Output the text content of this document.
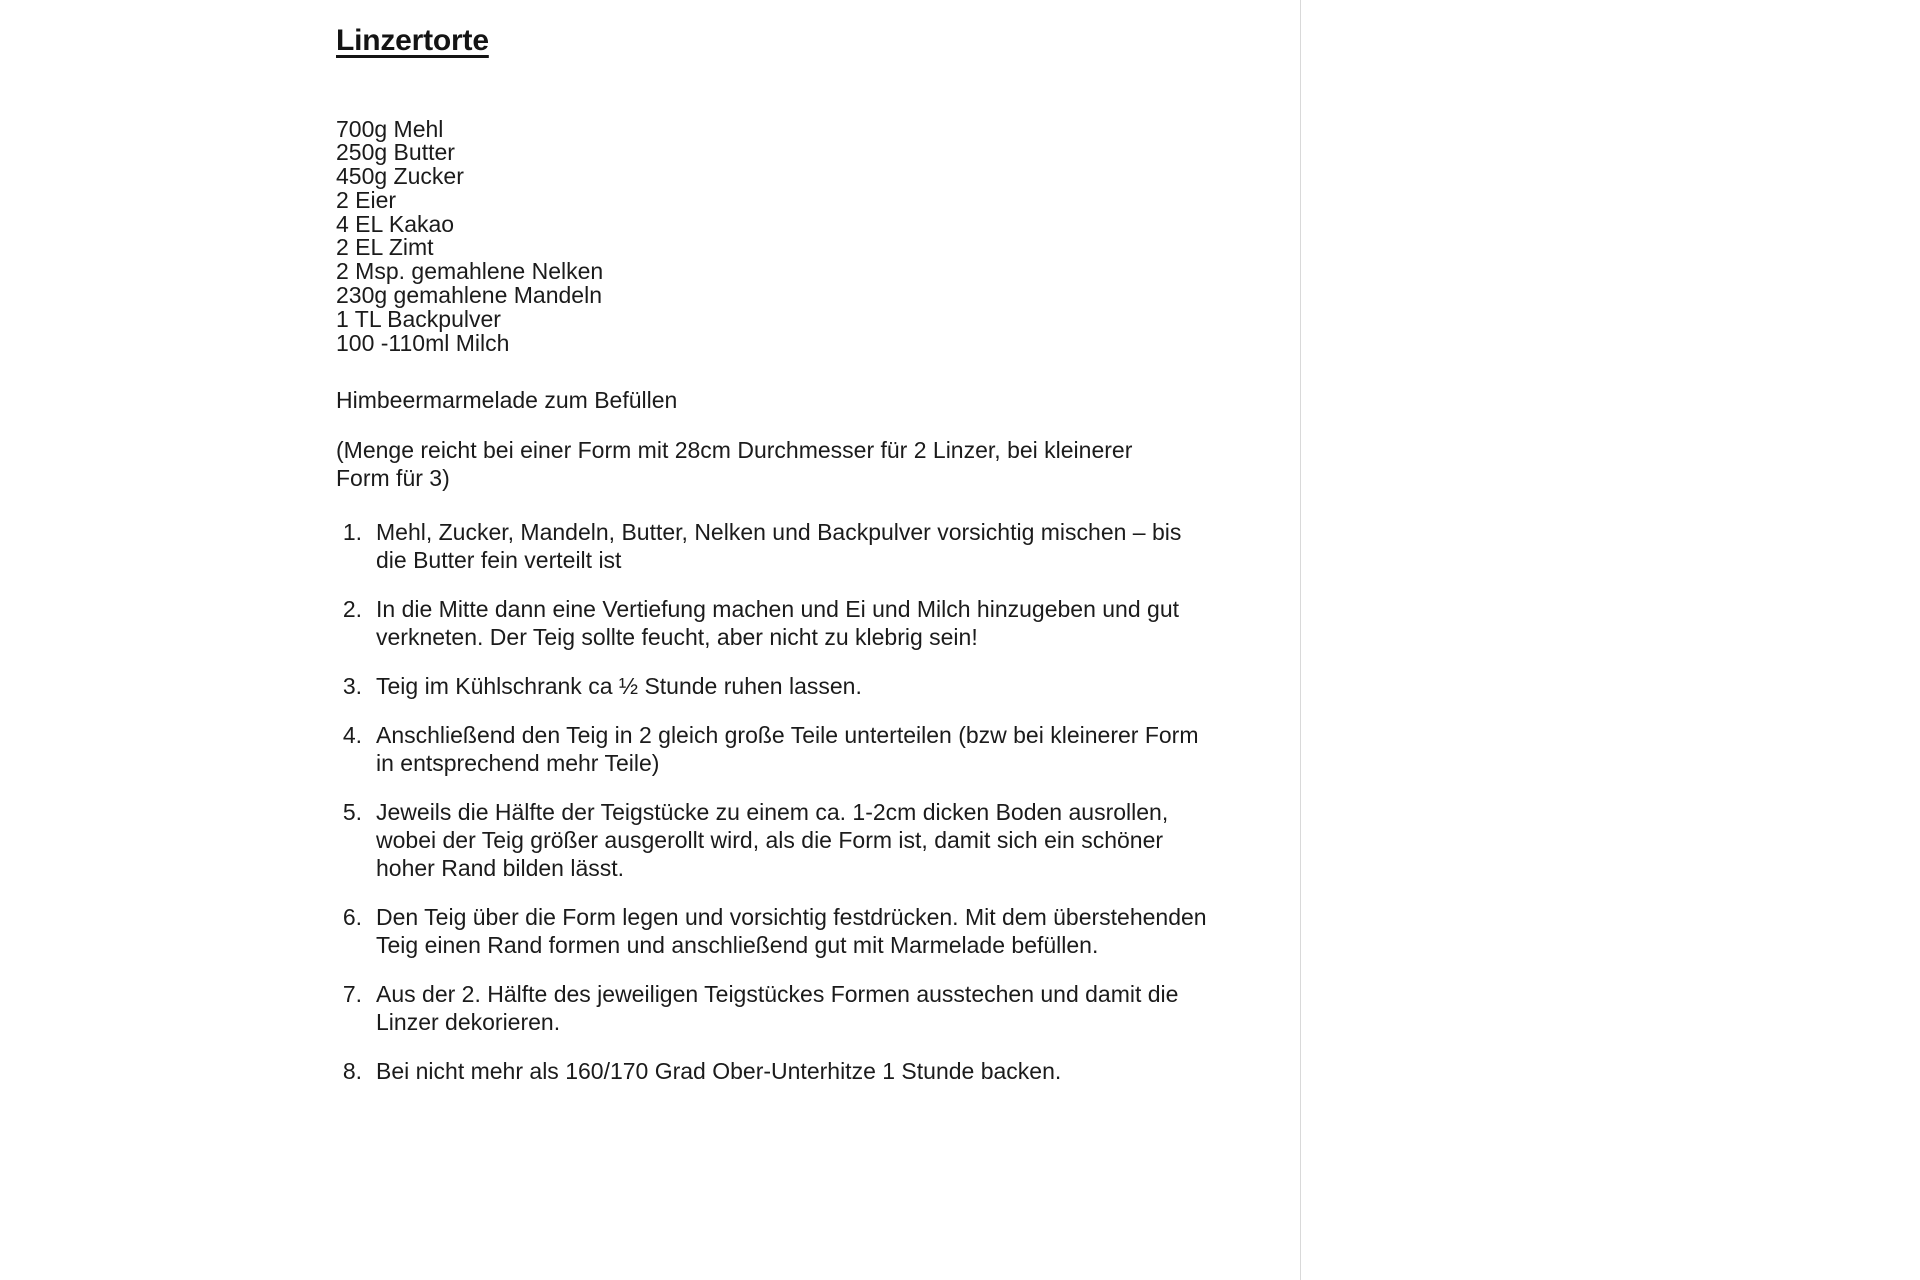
Linzertorte
700g Mehl
250g Butter
450g Zucker
2 Eier
4 EL Kakao
2 EL Zimt
2 Msp. gemahlene Nelken
230g gemahlene Mandeln
1 TL Backpulver
100 -110ml Milch

Himbeermarmelade zum Befüllen

(Menge reicht bei einer Form mit 28cm Durchmesser für 2 Linzer, bei kleinerer Form für 3)

1 . Mehl, Zucker, Mandeln, Butter, Nelken und Backpulver vorsichtig mischen – bis die Butter fein verteilt ist
2 . In die Mitte dann eine Vertiefung machen und Ei und Milch hinzugeben und gut verkneten. Der Teig sollte feucht, aber nicht zu klebrig sein!
3 . Teig im Kühlschrank ca ½ Stunde ruhen lassen.
4 . Anschließend den Teig in 2 gleich große Teile unterteilen (bzw bei kleinerer Form in entsprechend mehr Teile)
5 . Jeweils die Hälfte der Teigstücke zu einem ca. 1-2cm dicken Boden ausrollen, wobei der Teig größer ausgerollt wird, als die Form ist, damit sich ein schöner hoher Rand bilden lässt.
6 . Den Teig über die Form legen und vorsichtig festdrücken. Mit dem überstehenden Teig einen Rand formen und anschließend gut mit Marmelade befüllen.
7 . Aus der 2. Hälfte des jeweiligen Teigstückes Formen ausstechen und damit die Linzer dekorieren.
8 . Bei nicht mehr als 160/170 Grad Ober-Unterhitze 1 Stunde backen.
